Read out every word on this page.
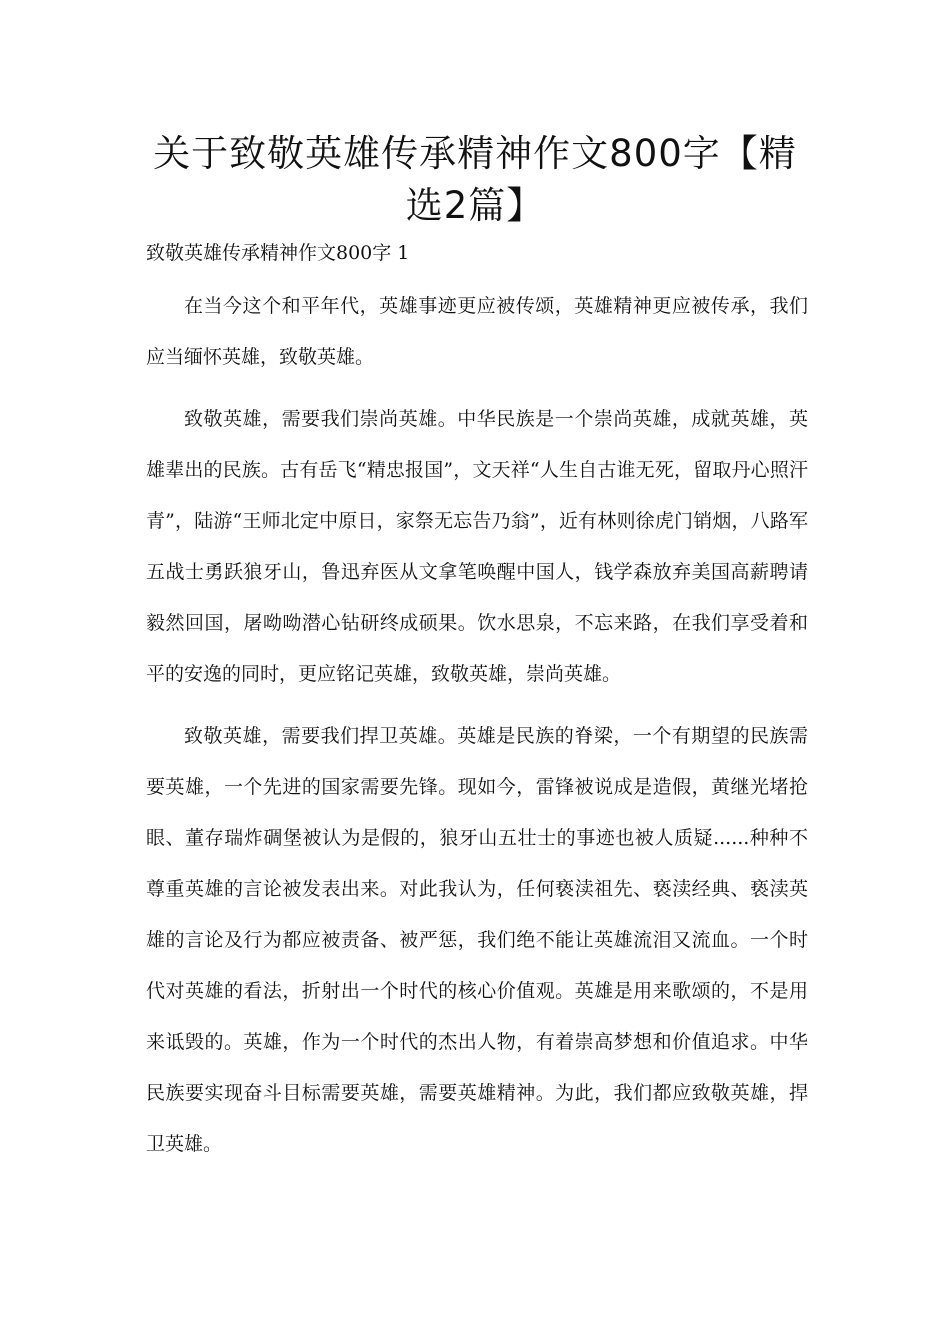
关于致敬英雄传承精神作文800字【精选2篇】

致敬英雄传承精神作文800字 1

在当今这个和平年代，英雄事迹更应被传颂，英雄精神更应被传承，我们应当缅怀英雄，致敬英雄。

致敬英雄，需要我们崇尚英雄。中华民族是一个崇尚英雄，成就英雄，英雄辈出的民族。古有岳飞“精忠报国”，文天祥“人生自古谁无死，留取丹心照汗青”，陆游“王师北定中原日，家祭无忘告乃翁”，近有林则徐虎门销烟，八路军五战士勇跃狼牙山，鲁迅弃医从文拿笔唤醒中国人，钱学森放弃美国高薪聘请毅然回国，屠呦呦潜心钻研终成硕果。饮水思泉，不忘来路，在我们享受着和平的安逸的同时，更应铭记英雄，致敬英雄，崇尚英雄。

致敬英雄，需要我们捍卫英雄。英雄是民族的脊梁，一个有期望的民族需要英雄，一个先进的国家需要先锋。现如今，雷锋被说成是造假，黄继光堵抢眼、董存瑞炸碉堡被认为是假的，狼牙山五壮士的事迹也被人质疑......种种不尊重英雄的言论被发表出来。对此我认为，任何亵渎祖先、亵渎经典、亵渎英雄的言论及行为都应被责备、被严惩，我们绝不能让英雄流泪又流血。一个时代对英雄的看法，折射出一个时代的核心价值观。英雄是用来歌颂的，不是用来诋毁的。英雄，作为一个时代的杰出人物，有着崇高梦想和价值追求。中华民族要实现奋斗目标需要英雄，需要英雄精神。为此，我们都应致敬英雄，捍卫英雄。
